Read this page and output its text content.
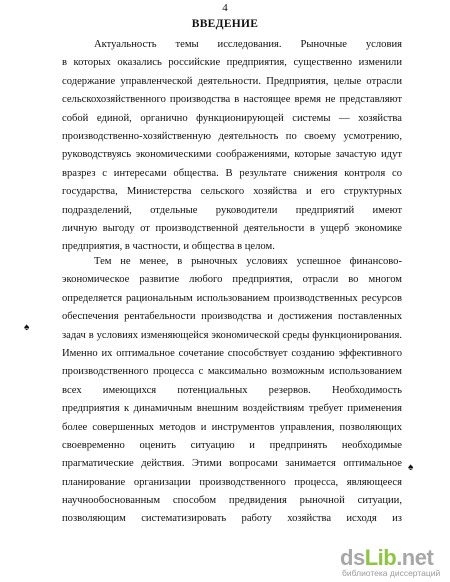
4
ВВЕДЕНИЕ
Актуальность темы исследования. Рыночные условия
в которых оказались российские предприятия, существенно изменили
содержание управленческой деятельности. Предприятия, целые отрасли
сельскохозяйственного производства в настоящее время не представляют
собой единой, органично функционирующей системы — хозяйства
производственно-хозяйственную деятельность по своему усмотрению,
руководствуясь экономическими соображениями, которые зачастую идут
вразрез с интересами общества. В результате снижения контроля со
государства, Министерства сельского хозяйства и его структурных
подразделений, отдельные руководители предприятий имеют
личную выгоду от производственной деятельности в ущерб экономике
предприятия, в частности, и общества в целом.
Тем не менее, в рыночных условиях успешное финансово-
экономическое развитие любого предприятия, отрасли во многом
определяется рациональным использованием производственных ресурсов
обеспечения рентабельности производства и достижения поставленных
задач в условиях изменяющейся экономической среды функционирования.
Именно их оптимальное сочетание способствует созданию эффективного
производственного процесса с максимально возможным использованием
всех имеющихся потенциальных резервов. Необходимость
предприятия к динамичным внешним воздействиям требует применения
более совершенных методов и инструментов управления, позволяющих
своевременно оценить ситуацию и предпринять необходимые
прагматические действия. Этими вопросами занимается оптимальное
планирование организации производственного процесса, являющееся
научнообоснованным способом предвидения рыночной ситуации,
позволяющим систематизировать работу хозяйства исходя из
♠
♠
dsLib.net
библиотека диссертаций
